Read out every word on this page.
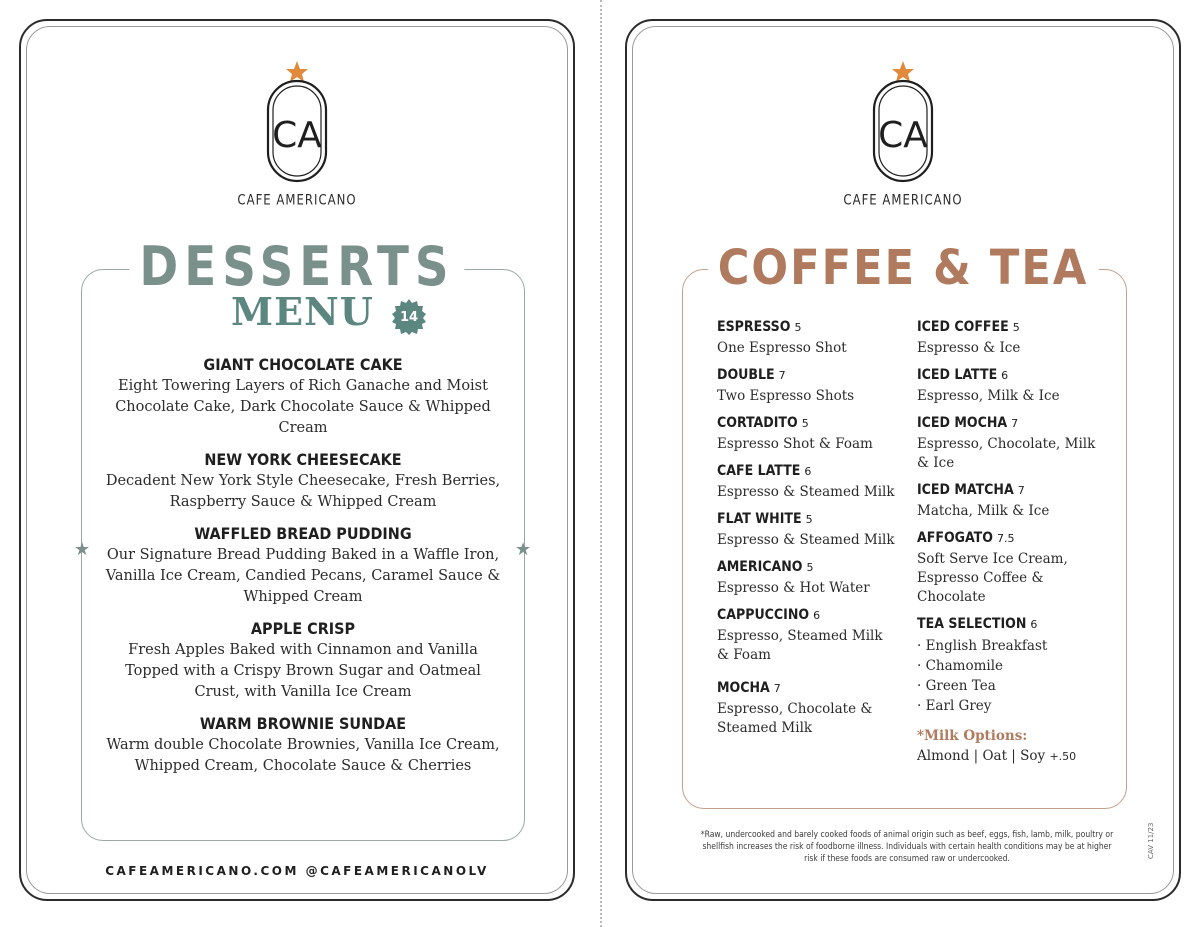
CA
CAFE AMERICANO
DESSERTS
MENU	14
★	★
GIANT CHOCOLATE CAKE
Eight Towering Layers of Rich Ganache and Moist Chocolate Cake, Dark Chocolate Sauce & Whipped Cream
NEW YORK CHEESECAKE
Decadent New York Style Cheesecake, Fresh Berries, Raspberry Sauce & Whipped Cream
WAFFLED BREAD PUDDING
Our Signature Bread Pudding Baked in a Waffle Iron, Vanilla Ice Cream, Candied Pecans, Caramel Sauce & Whipped Cream
APPLE CRISP
Fresh Apples Baked with Cinnamon and Vanilla Topped with a Crispy Brown Sugar and Oatmeal Crust, with Vanilla Ice Cream
WARM BROWNIE SUNDAE
Warm double Chocolate Brownies, Vanilla Ice Cream, Whipped Cream, Chocolate Sauce & Cherries
CAFEAMERICANO.COM @CAFEAMERICANOLV
CA
CAFE AMERICANO
COFFEE & TEA
ESPRESSO 5
One Espresso Shot
DOUBLE 7
Two Espresso Shots
CORTADITO 5
Espresso Shot & Foam
CAFE LATTE 6
Espresso & Steamed Milk
FLAT WHITE 5
Espresso & Steamed Milk
AMERICANO 5
Espresso & Hot Water
CAPPUCCINO 6
Espresso, Steamed Milk & Foam
MOCHA 7
Espresso, Chocolate & Steamed Milk
ICED COFFEE 5
Espresso & Ice
ICED LATTE 6
Espresso, Milk & Ice
ICED MOCHA 7
Espresso, Chocolate, Milk & Ice
ICED MATCHA 7
Matcha, Milk & Ice
AFFOGATO 7.5
Soft Serve Ice Cream, Espresso Coffee & Chocolate
TEA SELECTION 6
· English Breakfast
· Chamomile
· Green Tea
· Earl Grey
*Milk Options:
Almond | Oat | Soy +.50
*Raw, undercooked and barely cooked foods of animal origin such as beef, eggs, fish, lamb, milk, poultry or shellfish increases the risk of foodborne illness. Individuals with certain health conditions may be at higher risk if these foods are consumed raw or undercooked.	CAV 11/23
